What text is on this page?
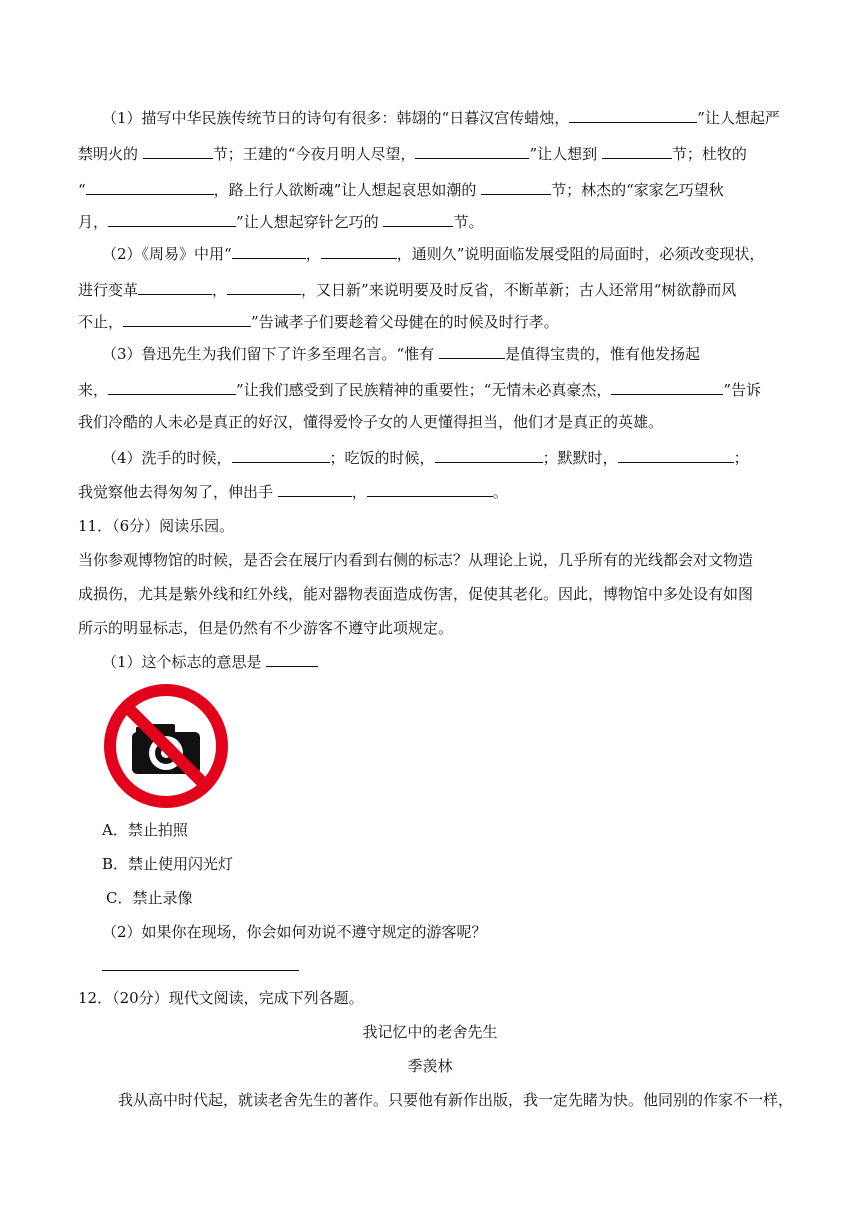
（1）描写中华民族传统节日的诗句有很多：韩翃的“日暮汉宫传蜡烛，	”让人想起严
禁明火的	节；王建的“今夜月明人尽望，	”让人想到	节；杜牧的
“	，路上行人欲断魂”让人想起哀思如潮的	节；林杰的“家家乞巧望秋
月，	”让人想起穿针乞巧的	节。
（2）《周易》中用“	，	，通则久”说明面临发展受阻的局面时，必须改变现状，
进行变革	，	，又日新”来说明要及时反省，不断革新；古人还常用“树欲静而风
不止，	”告诫孝子们要趁着父母健在的时候及时行孝。
（3）鲁迅先生为我们留下了许多至理名言。“惟有	是值得宝贵的，惟有他发扬起
来，	”让我们感受到了民族精神的重要性；“无情未必真豪杰，	”告诉
我们冷酷的人未必是真正的好汉，懂得爱怜子女的人更懂得担当，他们才是真正的英雄。
（4）洗手的时候，	；吃饭的时候，	；默默时，	；
我觉察他去得匆匆了，伸出手	，	。
11．（6分）阅读乐园。
当你参观博物馆的时候，是否会在展厅内看到右侧的标志？从理论上说，几乎所有的光线都会对文物造
成损伤，尤其是紫外线和红外线，能对器物表面造成伤害，促使其老化。因此，博物馆中多处设有如图
所示的明显标志，但是仍然有不少游客不遵守此项规定。
（1）这个标志的意思是
A．禁止拍照
B．禁止使用闪光灯
C．禁止录像
（2）如果你在现场，你会如何劝说不遵守规定的游客呢？
12．（20分）现代文阅读，完成下列各题。
我记忆中的老舍先生
季羡林
我从高中时代起，就读老舍先生的著作。只要他有新作出版，我一定先睹为快。他同别的作家不一样，
